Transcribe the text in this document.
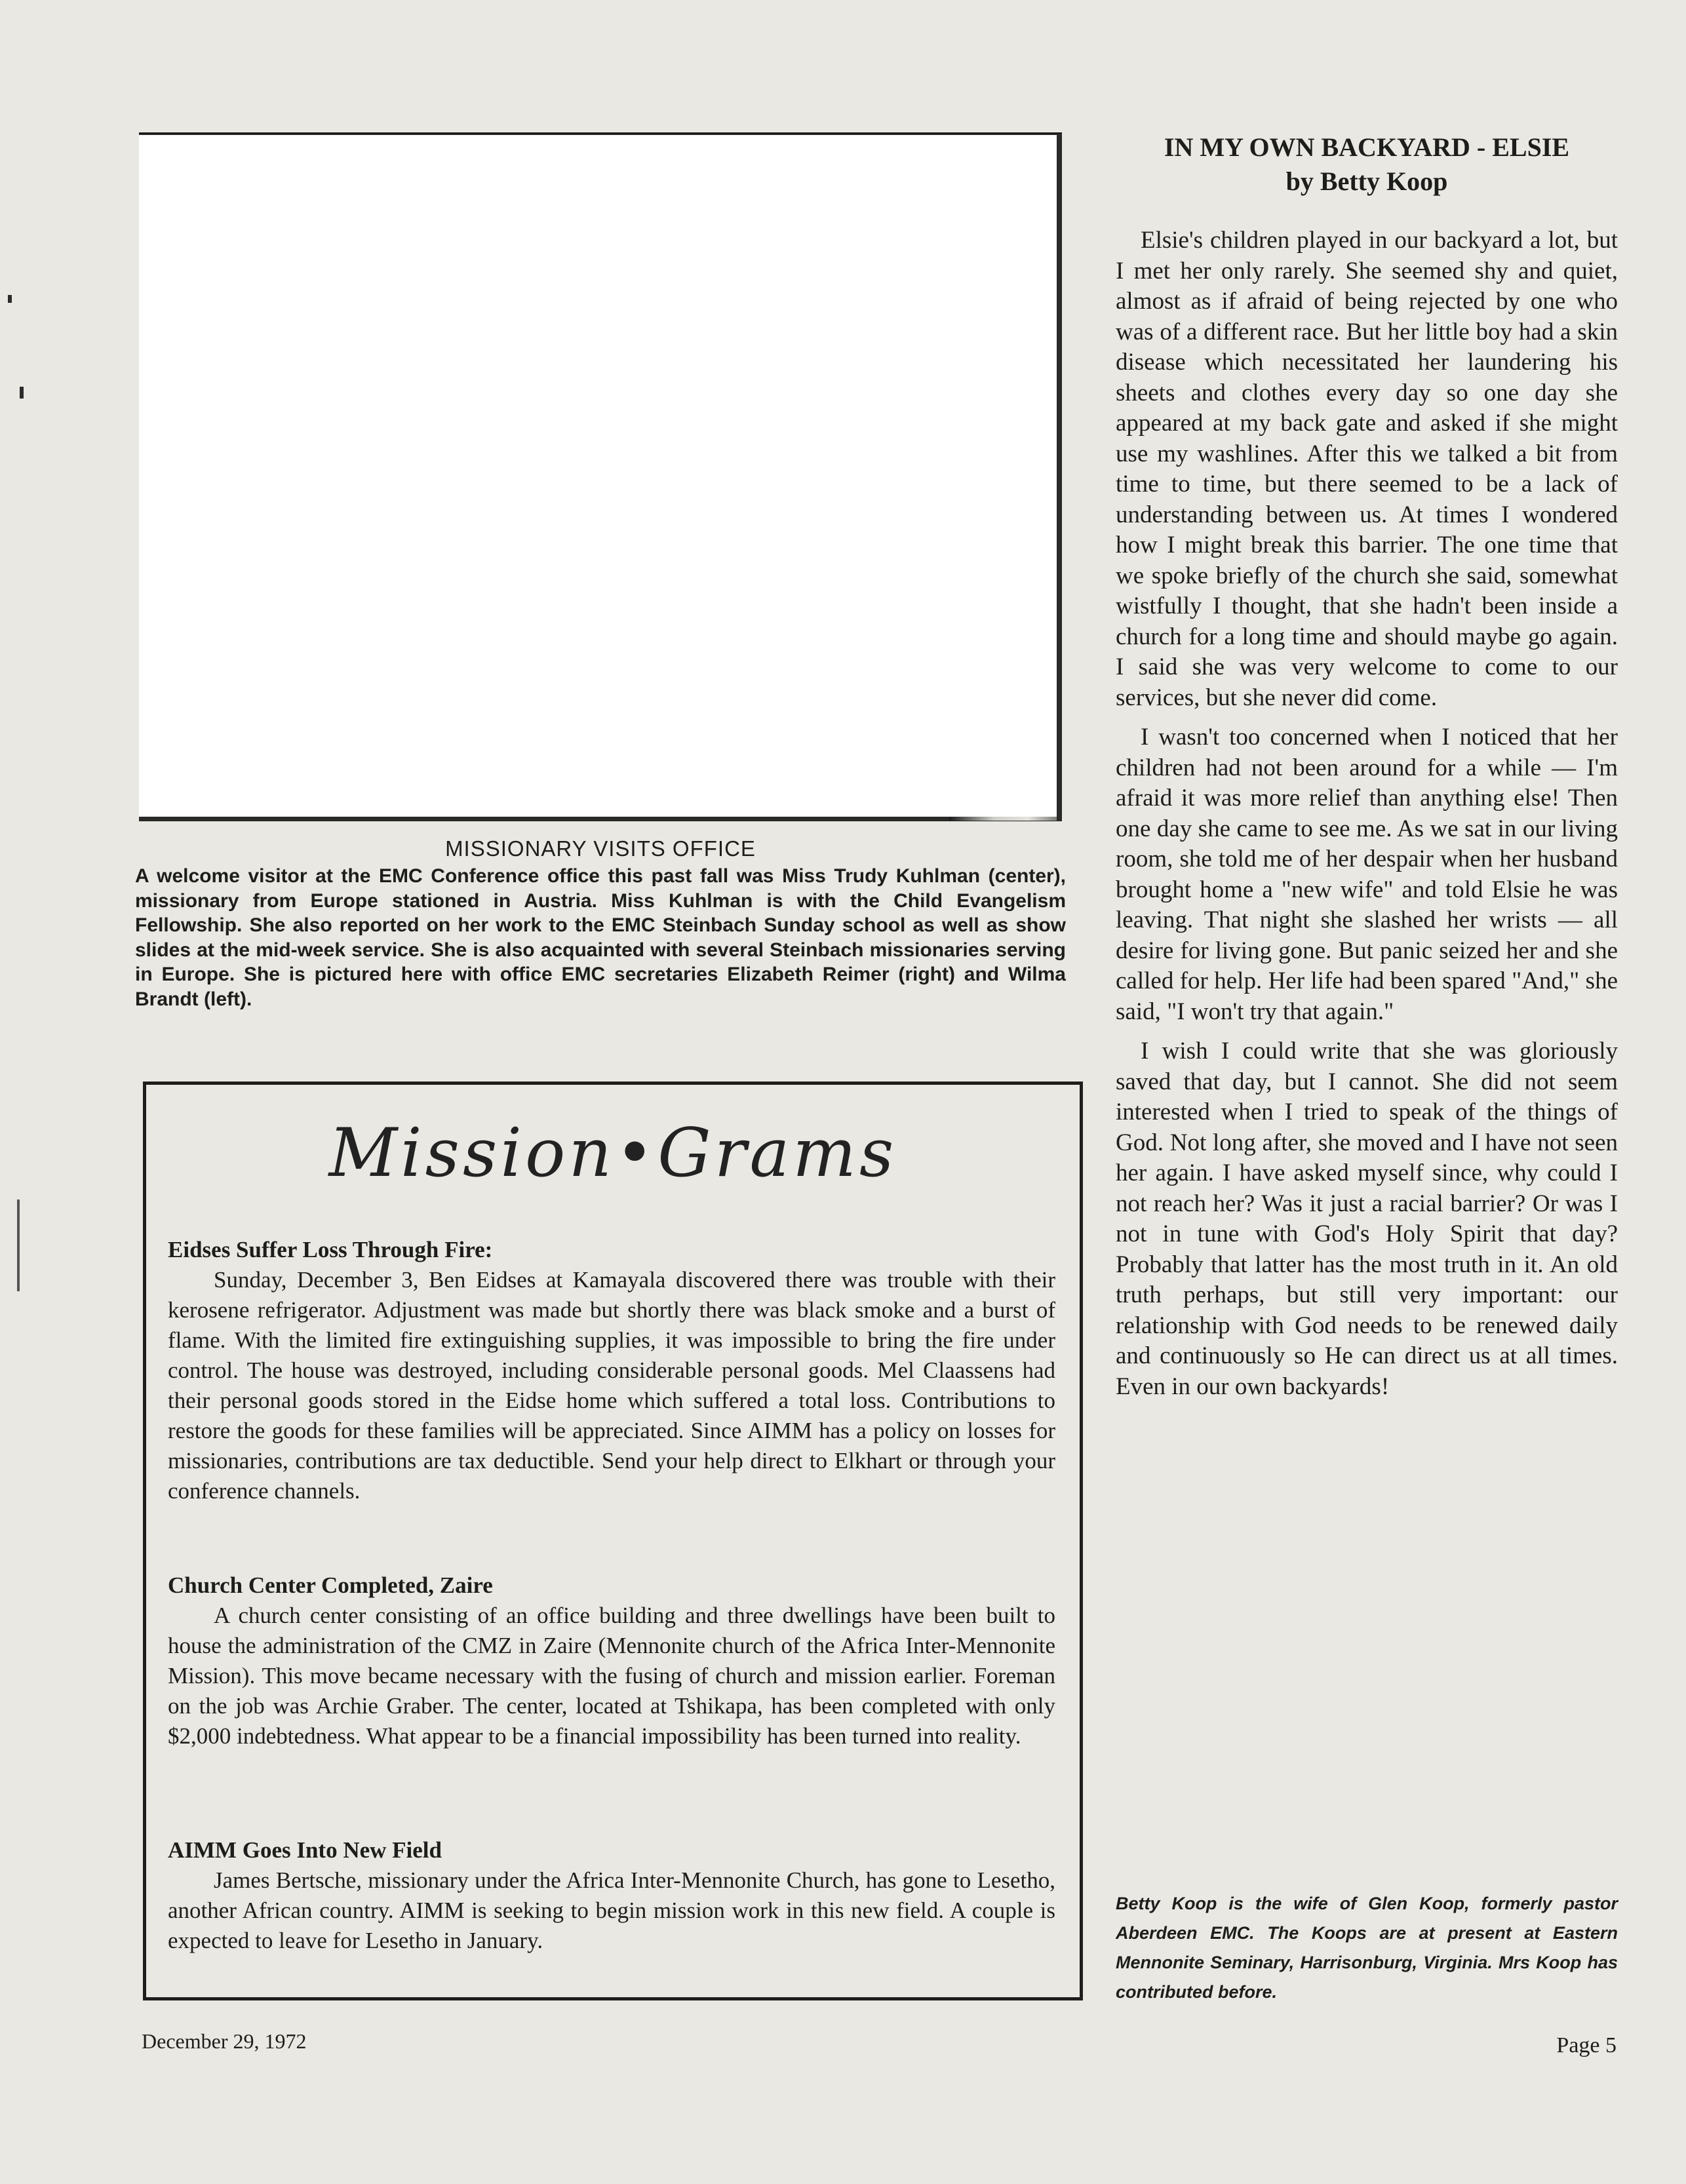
MISSIONARY VISITS OFFICE
A welcome visitor at the EMC Conference office this past fall was Miss Trudy Kuhlman (center), missionary from Europe stationed in Austria. Miss Kuhlman is with the Child Evangelism Fellowship. She also reported on her work to the EMC Steinbach Sunday school as well as show slides at the mid-week service. She is also acquainted with several Steinbach missionaries serving in Europe. She is pictured here with office EMC secretaries Elizabeth Reimer (right) and Wilma Brandt (left).
Mission•Grams
Eidses Suffer Loss Through Fire:

Sunday, December 3, Ben Eidses at Kamayala discovered there was trouble with their kerosene refrigerator. Adjustment was made but shortly there was black smoke and a burst of flame. With the limited fire extinguishing supplies, it was impossible to bring the fire under control. The house was destroyed, including considerable personal goods. Mel Claassens had their personal goods stored in the Eidse home which suffered a total loss. Contributions to restore the goods for these families will be appreciated. Since AIMM has a policy on losses for missionaries, contributions are tax deductible. Send your help direct to Elkhart or through your conference channels.

Church Center Completed, Zaire

A church center consisting of an office building and three dwellings have been built to house the administration of the CMZ in Zaire (Mennonite church of the Africa Inter-Mennonite Mission). This move became necessary with the fusing of church and mission earlier. Foreman on the job was Archie Graber. The center, located at Tshikapa, has been completed with only $2,000 indebtedness. What appear to be a financial impossibility has been turned into reality.

AIMM Goes Into New Field

James Bertsche, missionary under the Africa Inter-Mennonite Church, has gone to Lesetho, another African country. AIMM is seeking to begin mission work in this new field. A couple is expected to leave for Lesetho in January.

IN MY OWN BACKYARD - ELSIE
by Betty Koop

Elsie's children played in our backyard a lot, but I met her only rarely. She seemed shy and quiet, almost as if afraid of being rejected by one who was of a different race. But her little boy had a skin disease which necessitated her laundering his sheets and clothes every day so one day she appeared at my back gate and asked if she might use my washlines. After this we talked a bit from time to time, but there seemed to be a lack of understanding between us. At times I wondered how I might break this barrier. The one time that we spoke briefly of the church she said, somewhat wistfully I thought, that she hadn't been inside a church for a long time and should maybe go again. I said she was very welcome to come to our services, but she never did come.

I wasn't too concerned when I noticed that her children had not been around for a while — I'm afraid it was more relief than anything else! Then one day she came to see me. As we sat in our living room, she told me of her despair when her husband brought home a "new wife" and told Elsie he was leaving. That night she slashed her wrists — all desire for living gone. But panic seized her and she called for help. Her life had been spared "And," she said, "I won't try that again."

I wish I could write that she was gloriously saved that day, but I cannot. She did not seem interested when I tried to speak of the things of God. Not long after, she moved and I have not seen her again. I have asked myself since, why could I not reach her? Was it just a racial barrier? Or was I not in tune with God's Holy Spirit that day? Probably that latter has the most truth in it. An old truth perhaps, but still very important: our relationship with God needs to be renewed daily and continuously so He can direct us at all times. Even in our own backyards!

Betty Koop is the wife of Glen Koop, formerly pastor Aberdeen EMC. The Koops are at present at Eastern Mennonite Seminary, Harrisonburg, Virginia. Mrs Koop has contributed before.
December 29, 1972	Page 5
